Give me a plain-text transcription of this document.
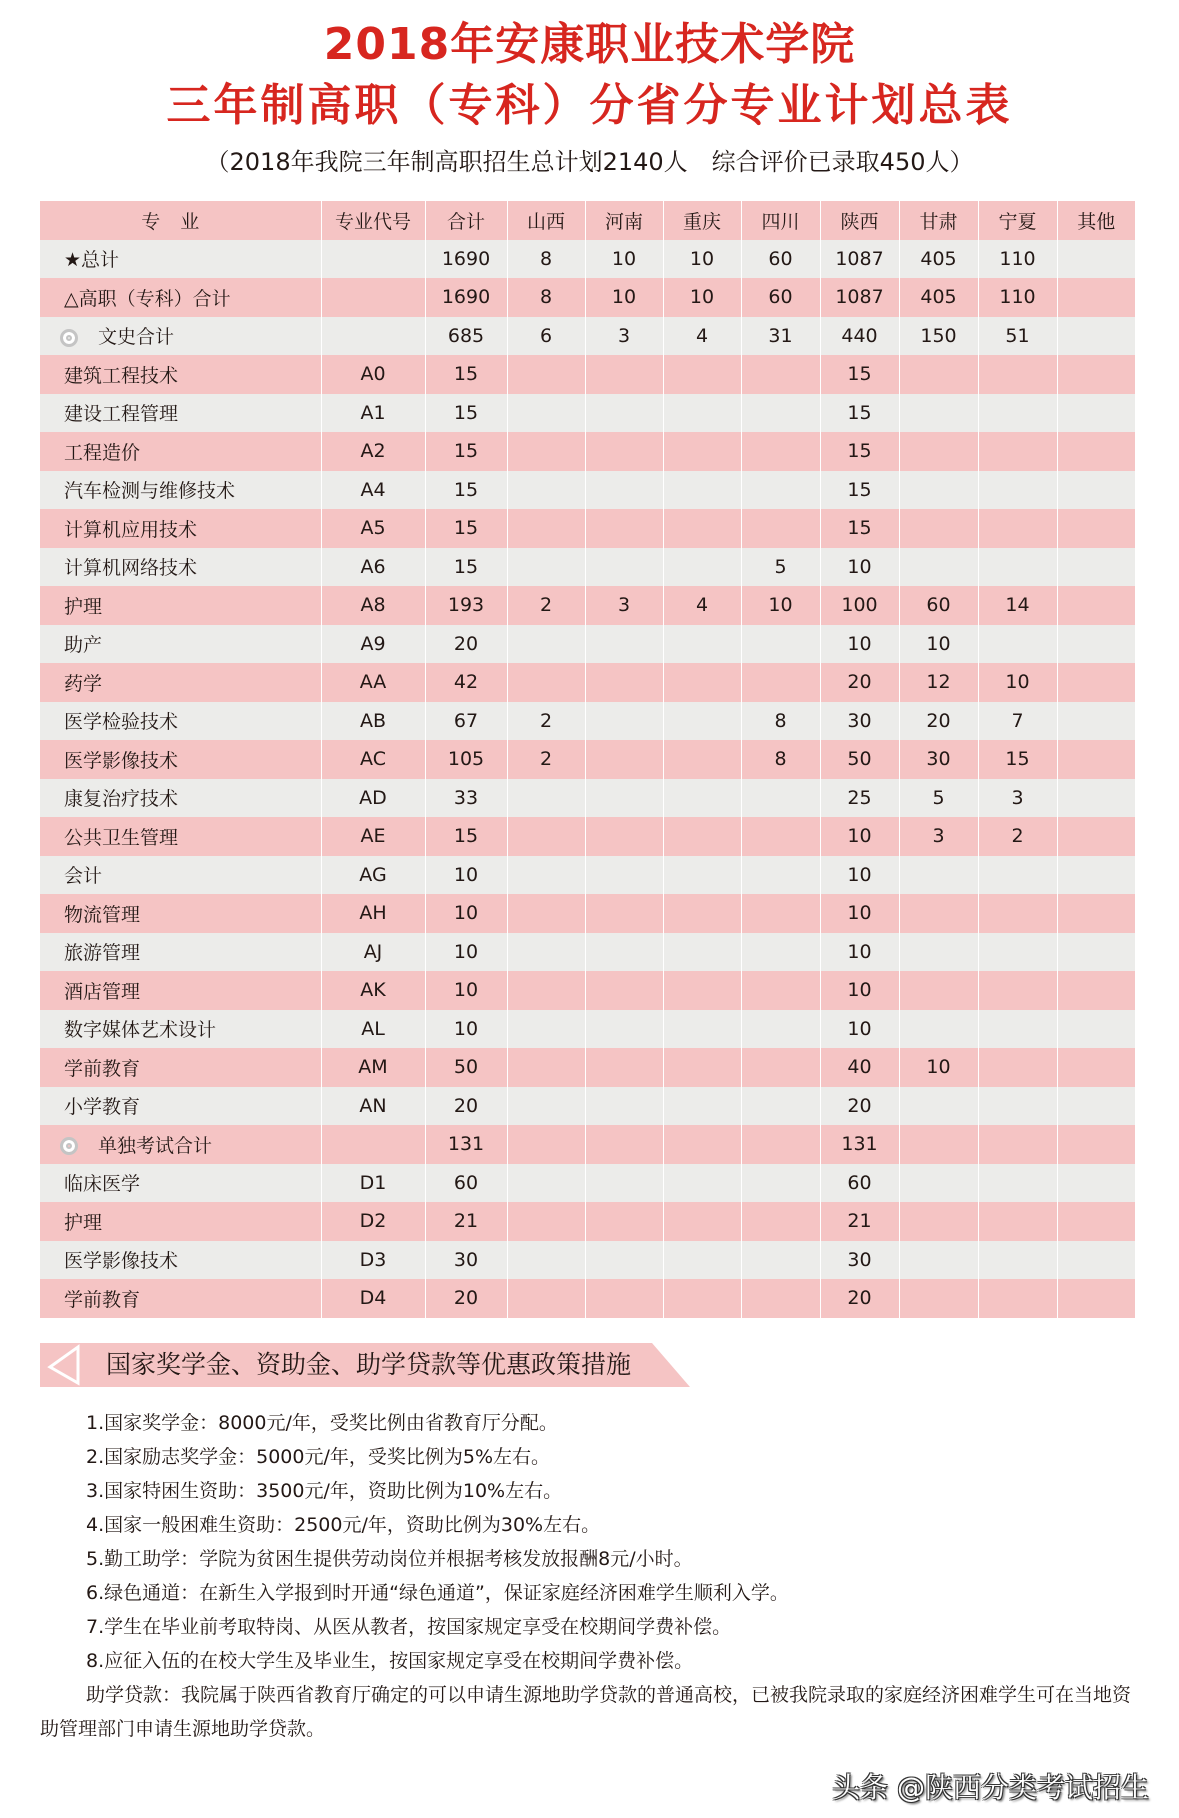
2018年安康职业技术学院
三年制高职（专科）分省分专业计划总表
（2018年我院三年制高职招生总计划2140人　综合评价已录取450人）
专业	专业代号	合计	山西	河南	重庆	四川	陕西	甘肃	宁夏	其他
★总计		1690	8	10	10	60	1087	405	110	
△高职（专科）合计		1690	8	10	10	60	1087	405	110	
文史合计		685	6	3	4	31	440	150	51	
建筑工程技术	A0	15					15			
建设工程管理	A1	15					15			
工程造价	A2	15					15			
汽车检测与维修技术	A4	15					15			
计算机应用技术	A5	15					15			
计算机网络技术	A6	15				5	10			
护理	A8	193	2	3	4	10	100	60	14	
助产	A9	20					10	10		
药学	AA	42					20	12	10	
医学检验技术	AB	67	2			8	30	20	7	
医学影像技术	AC	105	2			8	50	30	15	
康复治疗技术	AD	33					25	5	3	
公共卫生管理	AE	15					10	3	2	
会计	AG	10					10			
物流管理	AH	10					10			
旅游管理	AJ	10					10			
酒店管理	AK	10					10			
数字媒体艺术设计	AL	10					10			
学前教育	AM	50					40	10		
小学教育	AN	20					20			
单独考试合计		131					131			
临床医学	D1	60					60			
护理	D2	21					21			
医学影像技术	D3	30					30			
学前教育	D4	20					20			
国家奖学金、资助金、助学贷款等优惠政策措施
1.国家奖学金：8000元/年，受奖比例由省教育厅分配。
2.国家励志奖学金：5000元/年，受奖比例为5%左右。
3.国家特困生资助：3500元/年，资助比例为10%左右。
4.国家一般困难生资助：2500元/年，资助比例为30%左右。
5.勤工助学：学院为贫困生提供劳动岗位并根据考核发放报酬8元/小时。
6.绿色通道：在新生入学报到时开通“绿色通道”，保证家庭经济困难学生顺利入学。
7.学生在毕业前考取特岗、从医从教者，按国家规定享受在校期间学费补偿。
8.应征入伍的在校大学生及毕业生，按国家规定享受在校期间学费补偿。
助学贷款：我院属于陕西省教育厅确定的可以申请生源地助学贷款的普通高校，已被我院录取的家庭经济困难学生可在当地资助管理部门申请生源地助学贷款。
头条 @陕西分类考试招生
